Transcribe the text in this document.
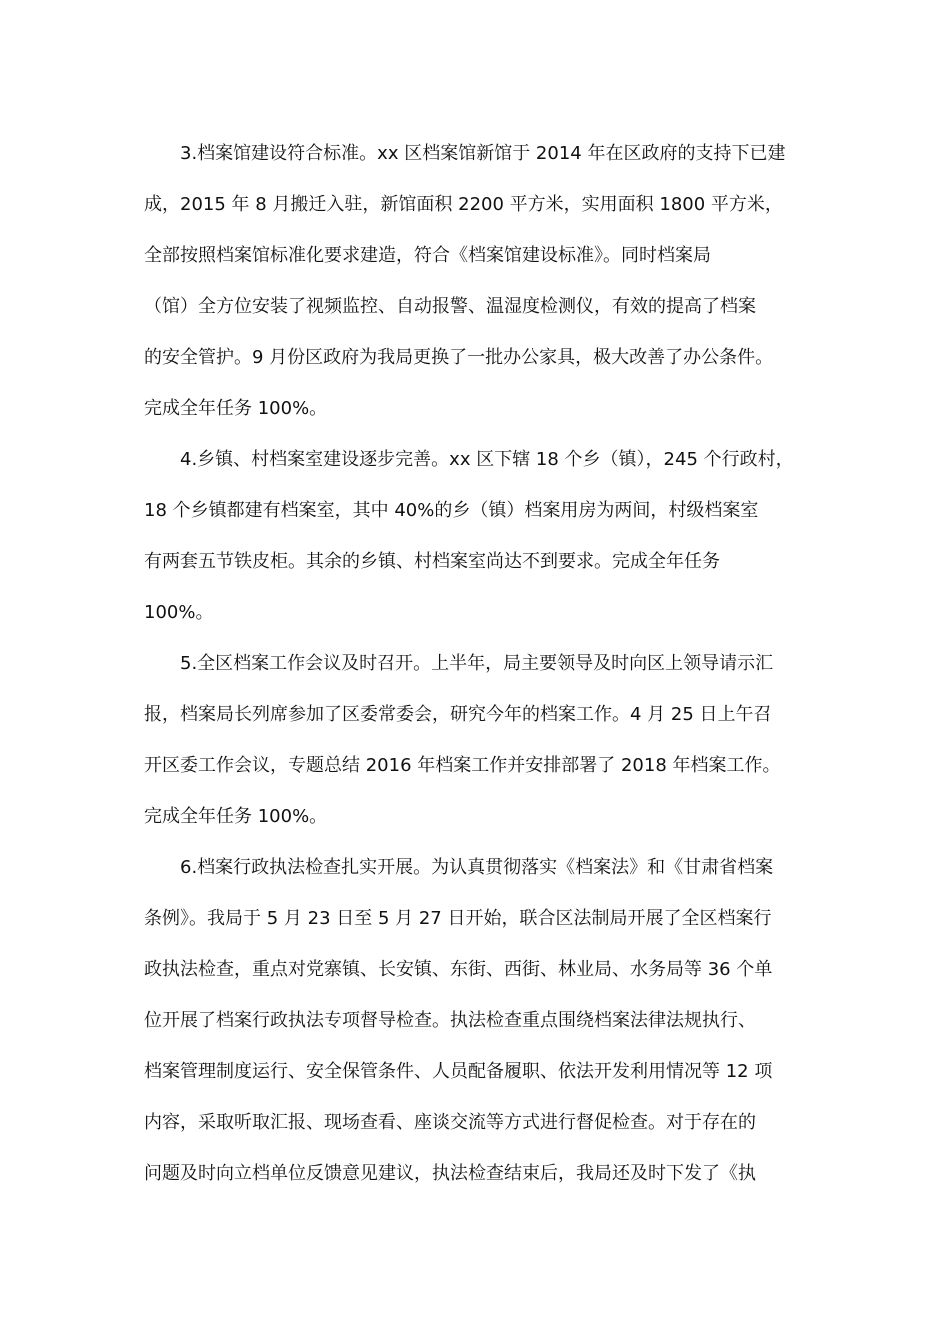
3.档案馆建设符合标准。xx 区档案馆新馆于 2014 年在区政府的支持下已建
成，2015 年 8 月搬迁入驻，新馆面积 2200 平方米，实用面积 1800 平方米，
全部按照档案馆标准化要求建造，符合《档案馆建设标准》。同时档案局
（馆）全方位安装了视频监控、自动报警、温湿度检测仪，有效的提高了档案
的安全管护。9 月份区政府为我局更换了一批办公家具，极大改善了办公条件。
完成全年任务 100%。
4.乡镇、村档案室建设逐步完善。xx 区下辖 18 个乡（镇），245 个行政村，
18 个乡镇都建有档案室，其中 40%的乡（镇）档案用房为两间，村级档案室
有两套五节铁皮柜。其余的乡镇、村档案室尚达不到要求。完成全年任务
100%。
5.全区档案工作会议及时召开。上半年，局主要领导及时向区上领导请示汇
报，档案局长列席参加了区委常委会，研究今年的档案工作。4 月 25 日上午召
开区委工作会议，专题总结 2016 年档案工作并安排部署了 2018 年档案工作。
完成全年任务 100%。
6.档案行政执法检查扎实开展。为认真贯彻落实《档案法》和《甘肃省档案
条例》。我局于 5 月 23 日至 5 月 27 日开始，联合区法制局开展了全区档案行
政执法检查，重点对党寨镇、长安镇、东街、西街、林业局、水务局等 36 个单
位开展了档案行政执法专项督导检查。执法检查重点围绕档案法律法规执行、
档案管理制度运行、安全保管条件、人员配备履职、依法开发利用情况等 12 项
内容，采取听取汇报、现场查看、座谈交流等方式进行督促检查。对于存在的
问题及时向立档单位反馈意见建议，执法检查结束后，我局还及时下发了《执
